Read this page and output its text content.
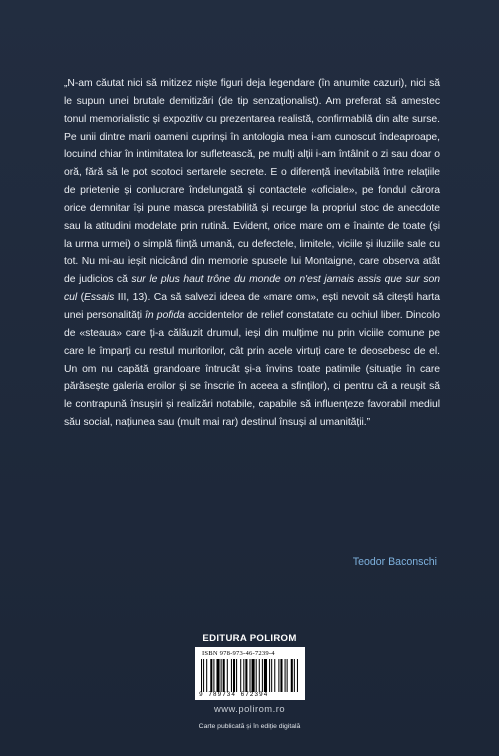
„N-am căutat nici să mitizez niște figuri deja legendare (în anumite cazuri), nici să le supun unei brutale demitizări (de tip senzaționalist). Am preferat să amestec tonul memorialistic și expozitiv cu prezentarea realistă, confirmabilă din alte surse. Pe unii dintre marii oameni cuprinși în antologia mea i-am cunoscut îndeaproape, locuind chiar în intimitatea lor sufletească, pe mulți alții i-am întâlnit o zi sau doar o oră, fără să le pot scotoci sertarele secrete. E o diferență inevitabilă între relațiile de prietenie și conlucrare îndelungată și contactele «oficiale», pe fondul cărora orice demnitar își pune masca prestabilită și recurge la propriul stoc de anecdote sau la atitudini modelate prin rutină. Evident, orice mare om e înainte de toate (și la urma urmei) o simplă ființă umană, cu defectele, limitele, viciile și iluziile sale cu tot. Nu mi-au ieșit nicicând din memorie spusele lui Montaigne, care observa atât de judicios că sur le plus haut trône du monde on n'est jamais assis que sur son cul (Essais III, 13). Ca să salvezi ideea de «mare om», ești nevoit să citești harta unei personalități în pofida accidentelor de relief constatate cu ochiul liber. Dincolo de «steaua» care ți-a călăuzit drumul, ieși din mulțime nu prin viciile comune pe care le împarți cu restul muritorilor, cât prin acele virtuți care te deosebesc de el. Un om nu capătă grandoare întrucât și-a învins toate patimile (situație în care părăsește galeria eroilor și se înscrie în aceea a sfinților), ci pentru că a reușit să le contrapună însușiri și realizări notabile, capabile să influențeze favorabil mediul său social, națiunea sau (mult mai rar) destinul însuși al umanității.”

Teodor Baconschi
EDITURA POLIROM
ISBN 978-973-46-7239-4
9 789734 672394
www.polirom.ro
Carte publicată și în ediție digitală
